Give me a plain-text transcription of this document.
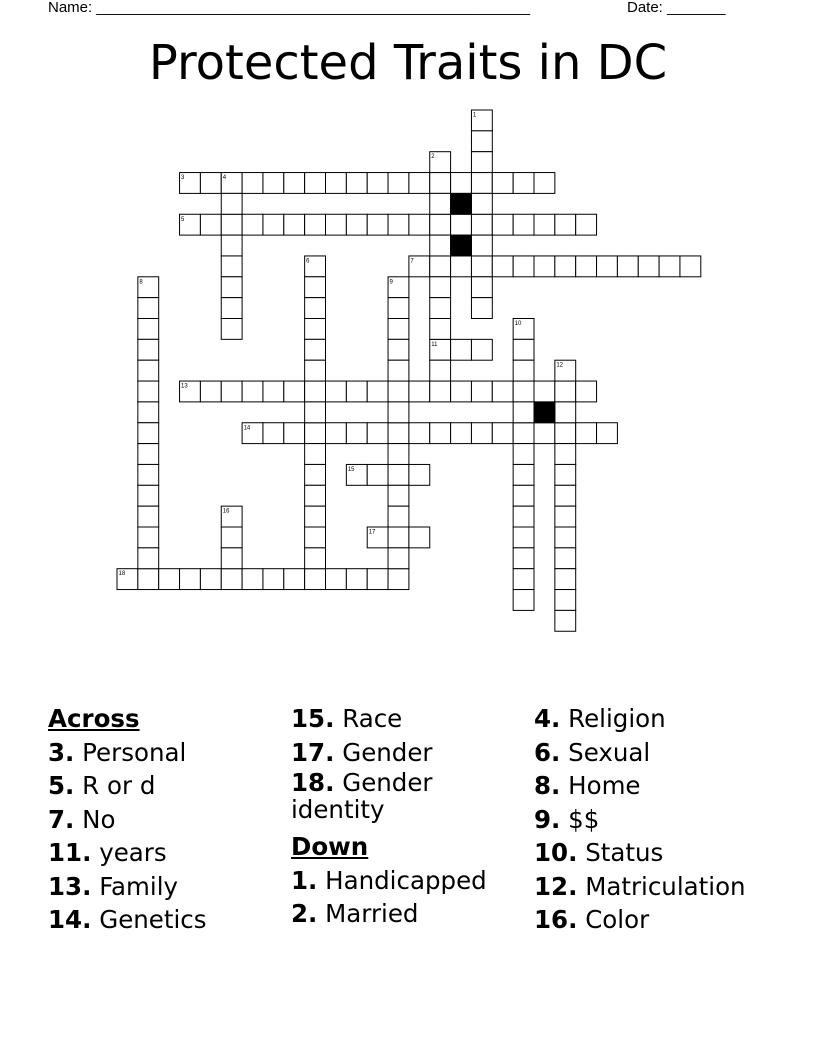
Name: ____________________________________________________	Date: _______
Protected Traits in DC
3
5
7
11
13
14
15
17
18
1
2
4
6
8	9
10
12
16
Across
3. Personal
5. R or d
7. No
11. years
13. Family
14. Genetics
15. Race
17. Gender
18. Gender identity
Down
1. Handicapped
2. Married
4. Religion
6. Sexual
8. Home
9. $$
10. Status
12. Matriculation
16. Color
